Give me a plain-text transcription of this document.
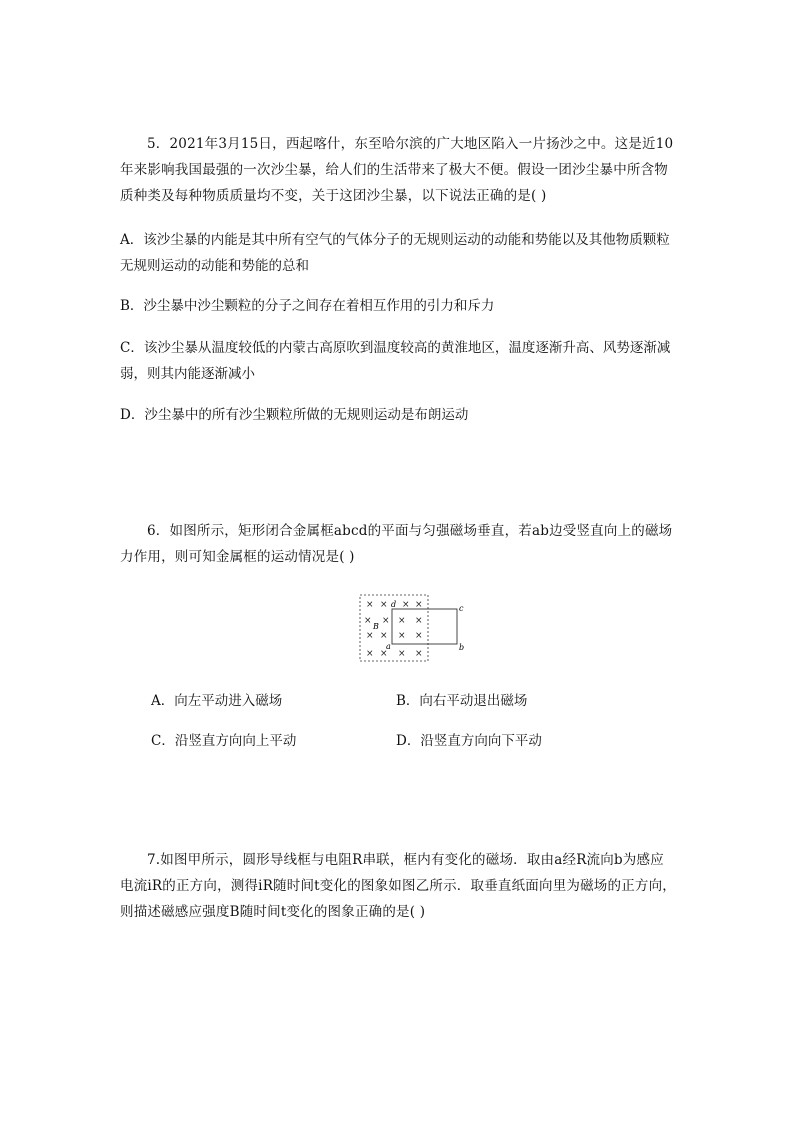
5．2021年3月15日，西起喀什，东至哈尔滨的广大地区陷入一片扬沙之中。这是近10年来影响我国最强的一次沙尘暴，给人们的生活带来了极大不便。假设一团沙尘暴中所含物质种类及每种物质质量均不变，关于这团沙尘暴，以下说法正确的是( )
A．该沙尘暴的内能是其中所有空气的气体分子的无规则运动的动能和势能以及其他物质颗粒无规则运动的动能和势能的总和
B．沙尘暴中沙尘颗粒的分子之间存在着相互作用的引力和斥力
C．该沙尘暴从温度较低的内蒙古高原吹到温度较高的黄淮地区，温度逐渐升高、风势逐渐减弱，则其内能逐渐减小
D．沙尘暴中的所有沙尘颗粒所做的无规则运动是布朗运动
6．如图所示，矩形闭合金属框abcd的平面与匀强磁场垂直，若ab边受竖直向上的磁场力作用，则可知金属框的运动情况是( )
× × × ×
× × × ×
× × × ×
× × × ×
d	c
a	b
B
A．向左平动进入磁场	B．向右平动退出磁场
C．沿竖直方向向上平动	D．沿竖直方向向下平动
7.如图甲所示，圆形导线框与电阻R串联，框内有变化的磁场．取由a经R流向b为感应电流iR的正方向，测得iR随时间t变化的图象如图乙所示．取垂直纸面向里为磁场的正方向，则描述磁感应强度B随时间t变化的图象正确的是( )
